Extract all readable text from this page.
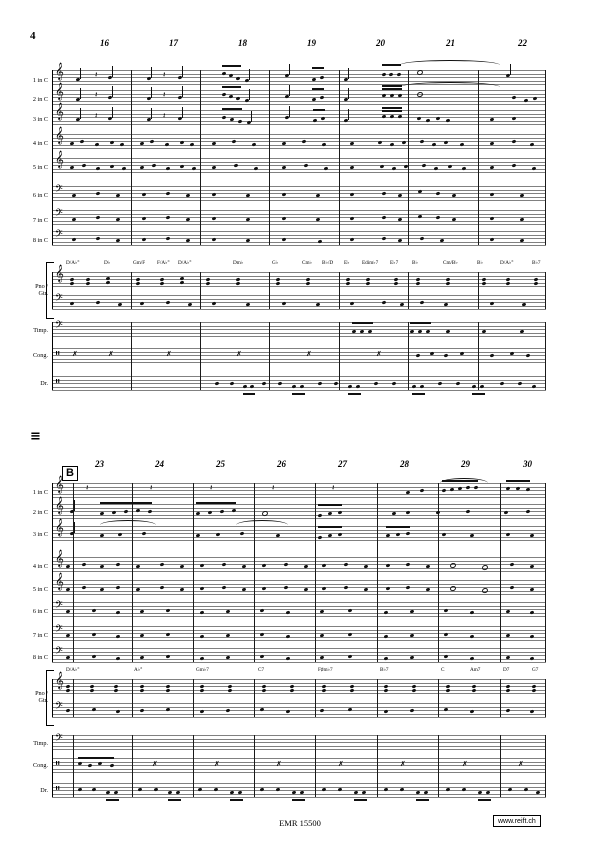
4
16	17	18	19	20	21	22
1 in C
2 in C
3 in C
4 in C
5 in C
6 in C
7 in C
8 in C
Pno /
Gtr.
Timp.
Cong.
Dr.
𝄞
𝄞
𝄞
𝄞
𝄞
𝄢
𝄢
𝄢
𝄞
𝄢
𝄢
𝄥
𝄥
D/A♭°	D♭	Gm/F F/A♭° D/A♭°	Dm♭	G♭	Cm♭ B♭/D E♭ Edim♭7 E♭7	B♭	Cm/B♭	B♭	D/A♭°	B♭7
𝄽	𝄽
𝄽	𝄽
𝄽	𝄽
✗	✗	✗	✗	✗	✗
≡
B
23	24	25	26	27	28	29	30
1 in C
2 in C
3 in C
4 in C
5 in C
6 in C
7 in C
8 in C
Pno /
Gtr.
Timp.
Cong.
Dr.
𝄞
𝄞
𝄞
𝄞
𝄞
𝄢
𝄢
𝄢
𝄞
𝄢
𝄢
𝄥
𝄥
D/A♭°	A♭°	Gm♭7	C7	F♯m♭7	B♭7	C	Am7	D7	G7
𝄽	𝄽	𝄽	𝄽	𝄽
✗	✗	✗	✗	✗	✗	✗
EMR 15500	www.reift.ch
